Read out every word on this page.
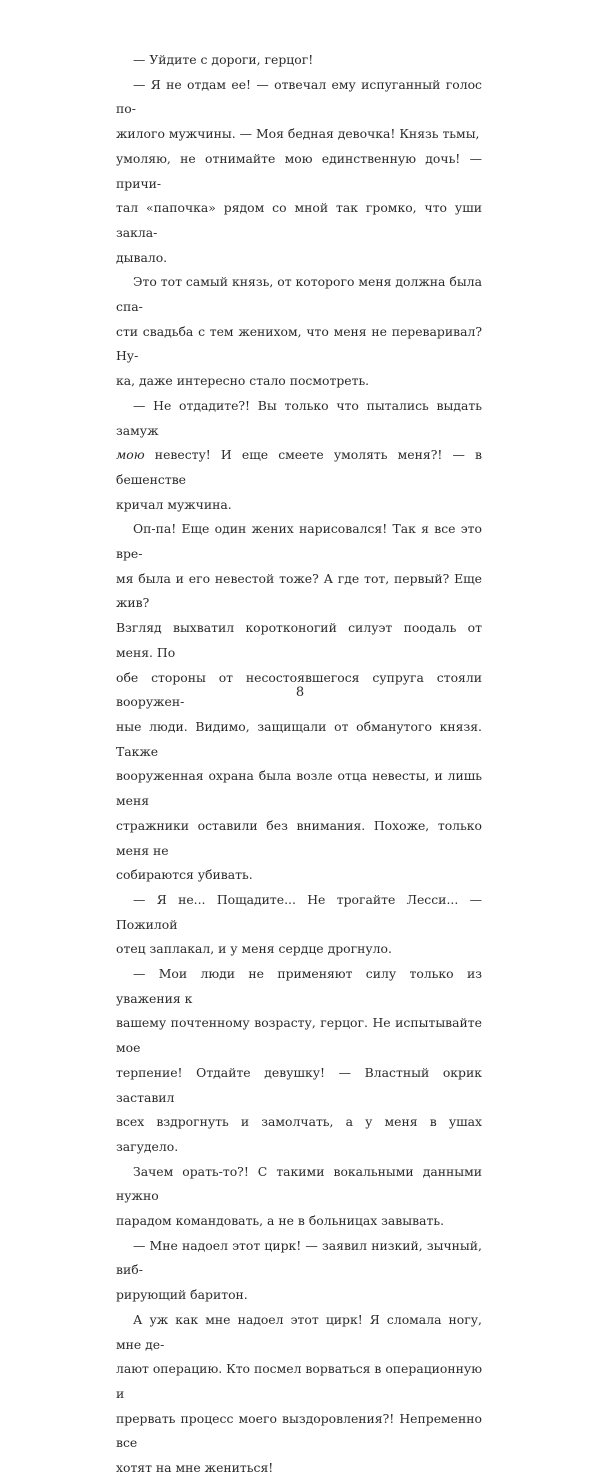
— Уйдите с дороги, герцог!

— Я не отдам ее! — отвечал ему испуганный голос по-
жилого мужчины. — Моя бедная девочка! Князь тьмы,
умоляю, не отнимайте мою единственную дочь! — причи-
тал «папочка» рядом со мной так громко, что уши заклa-
дывало.

Это тот самый князь, от которого меня должна была спа-
сти свадьба с тем женихом, что меня не переваривал? Ну-
ка, даже интересно стало посмотреть.

— Не отдадите?! Вы только что пытались выдать замуж
мою невесту! И еще смеете умолять меня?! — в бешенстве
кричал мужчина.

Оп-па! Еще один жених нарисовался! Так я все это вре-
мя была и его невестой тоже? А где тот, первый? Еще жив?
Взгляд выхватил коротконогий силуэт поодаль от меня. По
обе стороны от несостоявшегося супруга стояли вооружен-
ные люди. Видимо, защищали от обманутого князя. Также
вооруженная охрана была возле отца невесты, и лишь меня
стражники оставили без внимания. Похоже, только меня не
собираются убивать.

— Я не... Пощадите... Не трогайте Лесси... — Пожилой
отец заплакал, и у меня сердце дрогнуло.

— Мои люди не применяют силу только из уважения к
вашему почтенному возрасту, герцог. Не испытывайте мое
терпение! Отдайте девушку! — Властный окрик заставил
всех вздрогнуть и замолчать, а у меня в ушах загудело.

Зачем орать-то?! С такими вокальными данными нужно
парадом командовать, а не в больницах завывать.

— Мне надоел этот цирк! — заявил низкий, зычный, виб-
рирующий баритон.

А уж как мне надоел этот цирк! Я сломала ногу, мне де-
лают операцию. Кто посмел ворваться в операционную и
прервать процесс моего выздоровления?! Непременно все
хотят на мне жениться!

8
